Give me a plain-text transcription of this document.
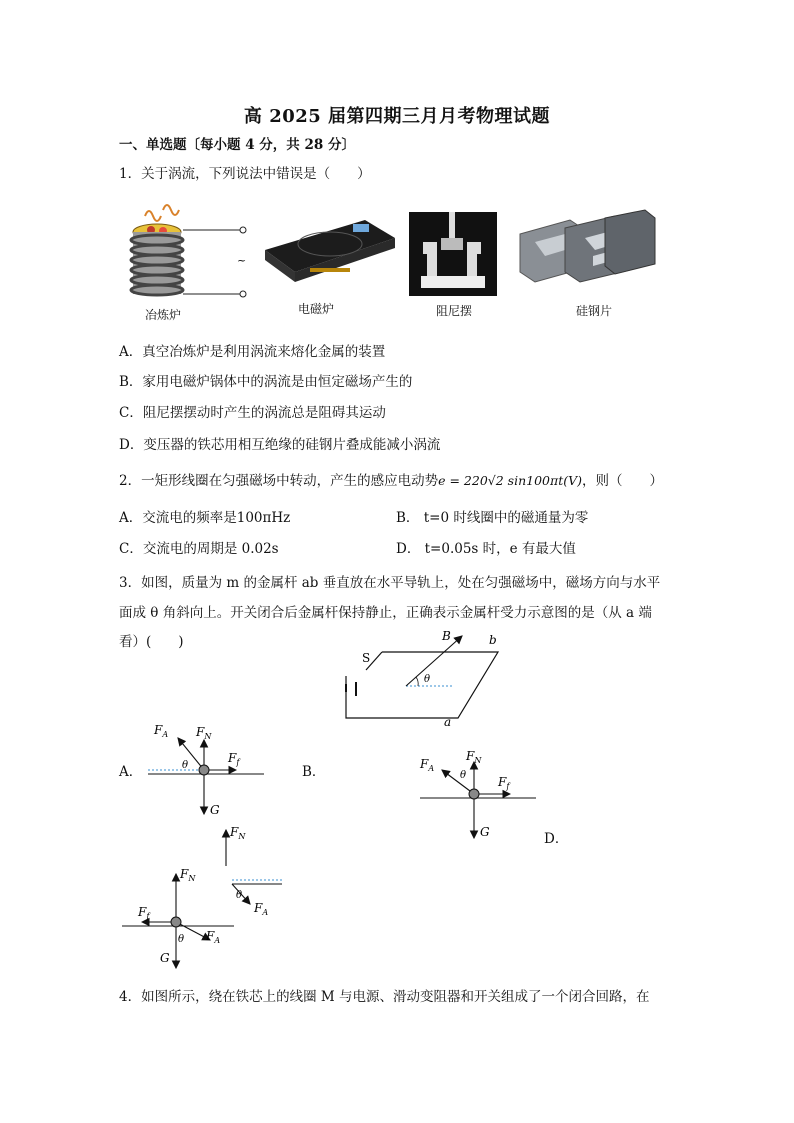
高 2025 届第四期三月月考物理试题
一、单选题〔每小题 4 分，共 28 分〕
1．关于涡流，下列说法中错误是（　　）
~
冶炼炉	电磁炉	阻尼摆	硅钢片
A．真空冶炼炉是利用涡流来熔化金属的装置
B．家用电磁炉锅体中的涡流是由恒定磁场产生的
C．阻尼摆摆动时产生的涡流总是阻碍其运动
D．变压器的铁芯用相互绝缘的硅钢片叠成能减小涡流
2．一矩形线圈在匀强磁场中转动，产生的感应电动势e = 220√2 sin100πt(V)，则（　　）
A．交流电的频率是100πHz	B． t=0 时线圈中的磁通量为零
C．交流电的周期是 0.02s	D． t=0.05s 时，e 有最大值
3．如图，质量为 m 的金属杆 ab 垂直放在水平导轨上，处在匀强磁场中，磁场方向与水平
面成 θ 角斜向上。开关闭合后金属杆保持静止，正确表示金属杆受力示意图的是（从 a 端
看）(　　)
S
B	b
a
θ
A．
$F_A$ $F_N$
$F_f$
G
θ	B．	$F_A$
$F_N$
$F_f$
G
θ
D．
$F_N$
θ
$F_A$
$F_N$
$F_f$
$F_A$
G
θ
4．如图所示，绕在铁芯上的线圈 M 与电源、滑动变阻器和开关组成了一个闭合回路，在
